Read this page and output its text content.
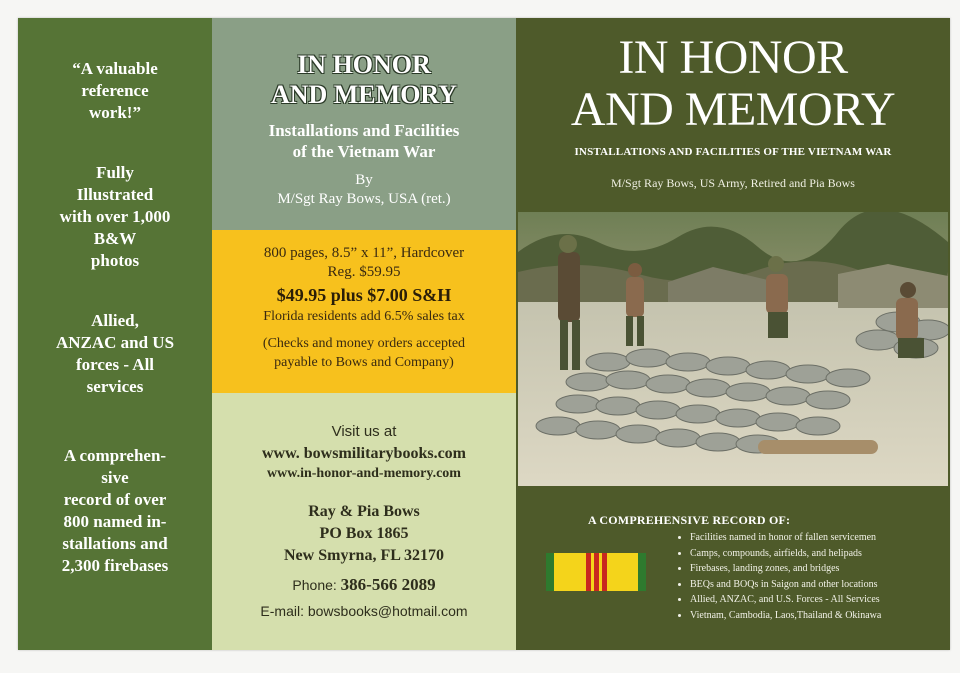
“A valuable
reference
work!”
Fully
Illustrated
with over 1,000
B&W
photos
Allied,
ANZAC and US
forces - All
services
A comprehen-
sive
record of over
800 named in-
stallations and
2,300 firebases
IN HONOR
AND MEMORY
Installations and Facilities
of the Vietnam War
By
M/Sgt Ray Bows, USA (ret.)
800 pages, 8.5” x 11”, Hardcover
Reg. $59.95
$49.95 plus $7.00 S&H
Florida residents add 6.5% sales tax
(Checks and money orders accepted
payable to Bows and Company)
Visit us at
www. bowsmilitarybooks.com
www.in-honor-and-memory.com
Ray & Pia Bows
PO Box 1865
New Smyrna, FL 32170
Phone: 386-566 2089
E-mail: bowsbooks@hotmail.com
IN HONOR
AND MEMORY
INSTALLATIONS AND FACILITIES OF THE VIETNAM WAR
M/Sgt Ray Bows, US Army, Retired and Pia Bows
A COMPREHENSIVE RECORD OF:
• Facilities named in honor of fallen servicemen
• Camps, compounds, airfields, and helipads
• Firebases, landing zones, and bridges
• BEQs and BOQs in Saigon and other locations
• Allied, ANZAC, and U.S. Forces - All Services
• Vietnam, Cambodia, Laos,Thailand & Okinawa
